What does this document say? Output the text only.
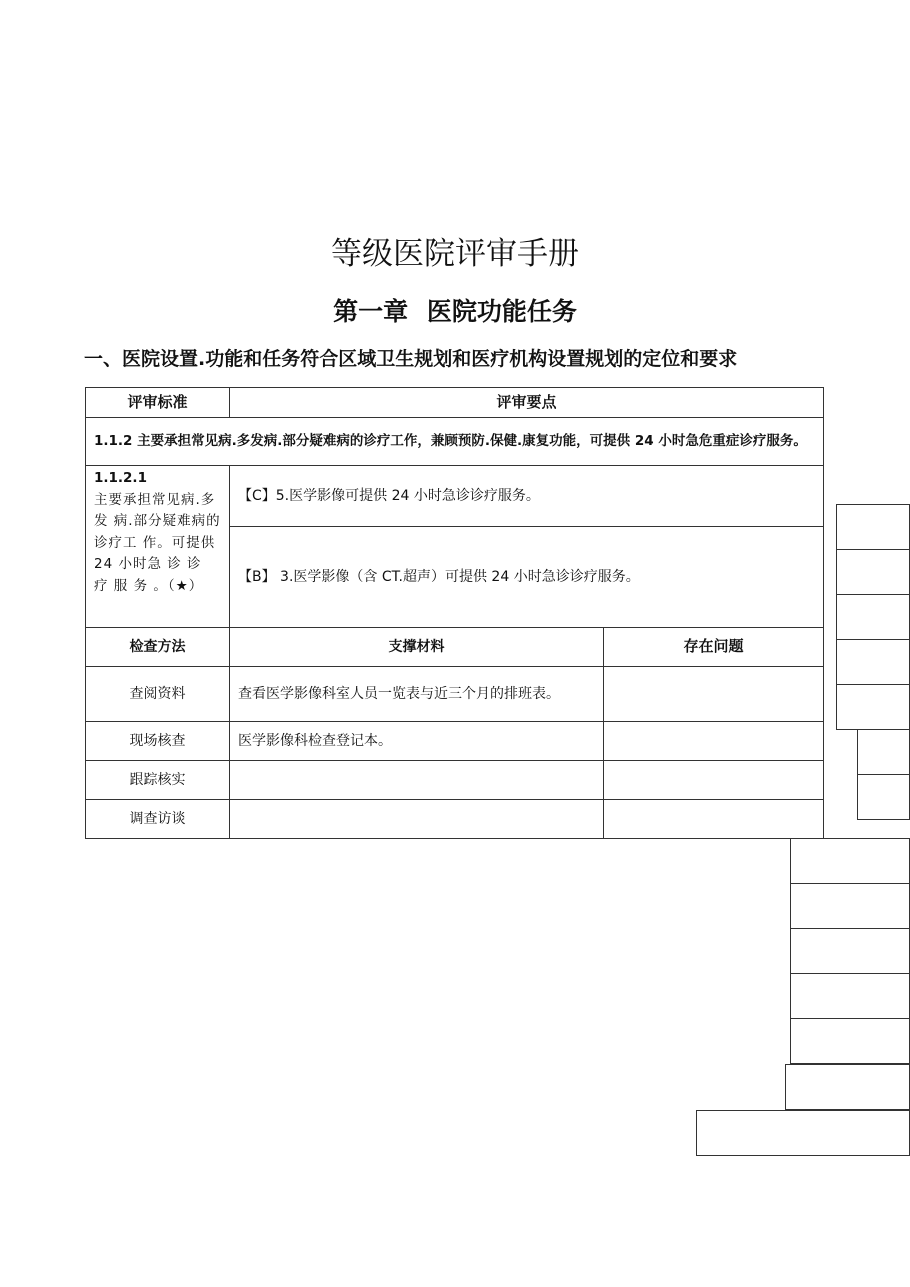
等级医院评审手册
第一章 医院功能任务
一、医院设置.功能和任务符合区域卫生规划和医疗机构设置规划的定位和要求
评审标准	评审要点	
1.1.2 主要承担常见病.多发病.部分疑难病的诊疗工作，兼顾预防.保健.康复功能，可提供 24 小时急危重症诊疗服务。		

1.1.2.1
主要承担常见病.多发 病.部分疑难病的诊疗工 作。可提供 24 小时急 诊 诊 疗 服 务 。（★）	【C】5.医学影像可提供 24 小时急诊诊疗服务。	
	【B】 3.医学影像（含 CT.超声）可提供 24 小时急诊诊疗服务。	
检查方法	支撑材料	存在问题
查阅资料	查看医学影像科室人员一览表与近三个月的排班表。	
现场核查	医学影像科检查登记本。	
跟踪核实		
调查访谈		
